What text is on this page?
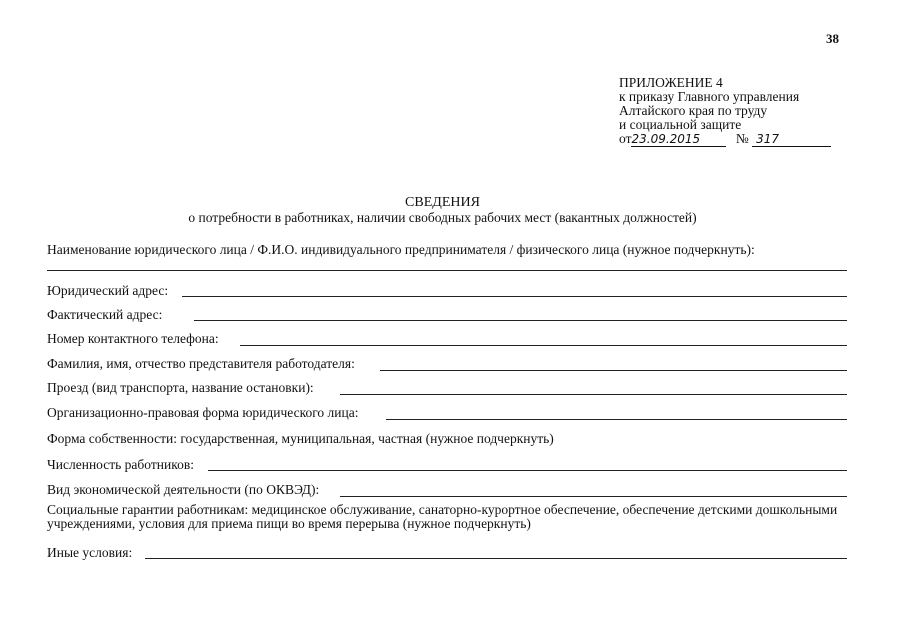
38
ПРИЛОЖЕНИЕ 4
к приказу Главного управления
Алтайского края по труду
и социальной защите
от23.09.2015	№ 317
СВЕДЕНИЯ
о потребности в работниках, наличии свободных рабочих мест (вакантных должностей)
Наименование юридического лица / Ф.И.О. индивидуального предпринимателя / физического лица (нужное подчеркнуть):
Юридический адрес:
Фактический адрес:
Номер контактного телефона:
Фамилия, имя, отчество представителя работодателя:
Проезд (вид транспорта, название остановки):
Организационно-правовая форма юридического лица:
Форма собственности: государственная, муниципальная, частная (нужное подчеркнуть)
Численность работников:
Вид экономической деятельности (по ОКВЭД):
Социальные гарантии работникам: медицинское обслуживание, санаторно-курортное обеспечение, обеспечение детскими дошкольными учреждениями, условия для приема пищи во время перерыва (нужное подчеркнуть)
Иные условия:
